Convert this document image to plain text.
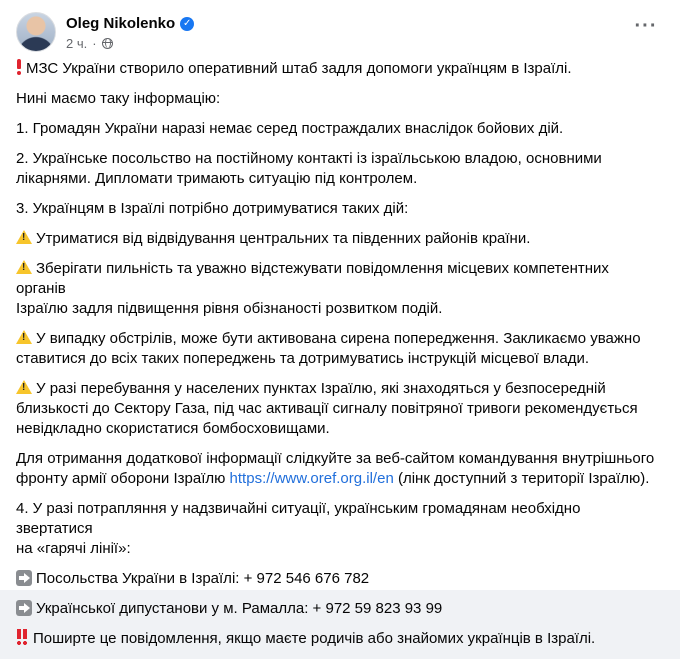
Oleg Nikolenko ✓
2 ч. ·
···
МЗС України створило оперативний штаб задля допомоги українцям в Ізраїлі.
Нині маємо таку інформацію:
1. Громадян України наразі немає серед постраждалих внаслідок бойових дій.
2. Українське посольство на постійному контакті із ізраїльською владою, основними
лікарнями. Дипломати тримають ситуацію під контролем.
3. Українцям в Ізраїлі потрібно дотримуватися таких дій:
!Утриматися від відвідування центральних та південних районів країни.
!Зберігати пильність та уважно відстежувати повідомлення місцевих компетентних органів
Ізраїлю задля підвищення рівня обізнаності розвитком подій.
!У випадку обстрілів, може бути активована сирена попередження. Закликаємо уважно
ставитися до всіх таких попереджень та дотримуватись інструкцій місцевої влади.
!У разі перебування у населених пунктах Ізраїлю, які знаходяться у безпосередній
близькості до Сектору Газа, під час активації сигналу повітряної тривоги рекомендується
невідкладно скористатися бомбосховищами.
Для отримання додаткової інформації слідкуйте за веб-сайтом командування внутрішнього
фронту армії оборони Ізраїлю https://www.oref.org.il/en (лінк доступний з території Ізраїлю).
4. У разі потрапляння у надзвичайні ситуації, українським громадянам необхідно звертатися
на «гарячі лінії»:
Посольства України в Ізраїлі: + 972 546 676 782
Української дипустанови у м. Рамалла: + 972 59 823 93 99
Поширте це повідомлення, якщо маєте родичів або знайомих українців в Ізраїлі.
